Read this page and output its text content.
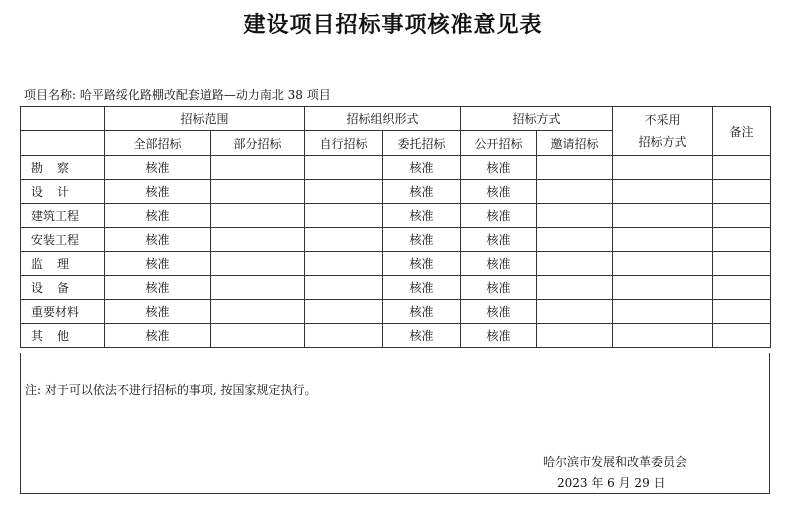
建设项目招标事项核准意见表
项目名称: 哈平路绥化路棚改配套道路—动力南北 38 项目
	招标范围		招标组织形式		招标方式		不采用
招标方式	备注
	全部招标	部分招标	自行招标	委托招标	公开招标	邀请招标		
勘察	核准			核准	核准			
设计	核准			核准	核准			
建筑工程	核准			核准	核准			
安装工程	核准			核准	核准			
监理	核准			核准	核准			
设备	核准			核准	核准			
重要材料	核准			核准	核准			
其他	核准			核准	核准			
注: 对于可以依法不进行招标的事项, 按国家规定执行。
哈尔滨市发展和改革委员会
2023 年 6 月 29 日
